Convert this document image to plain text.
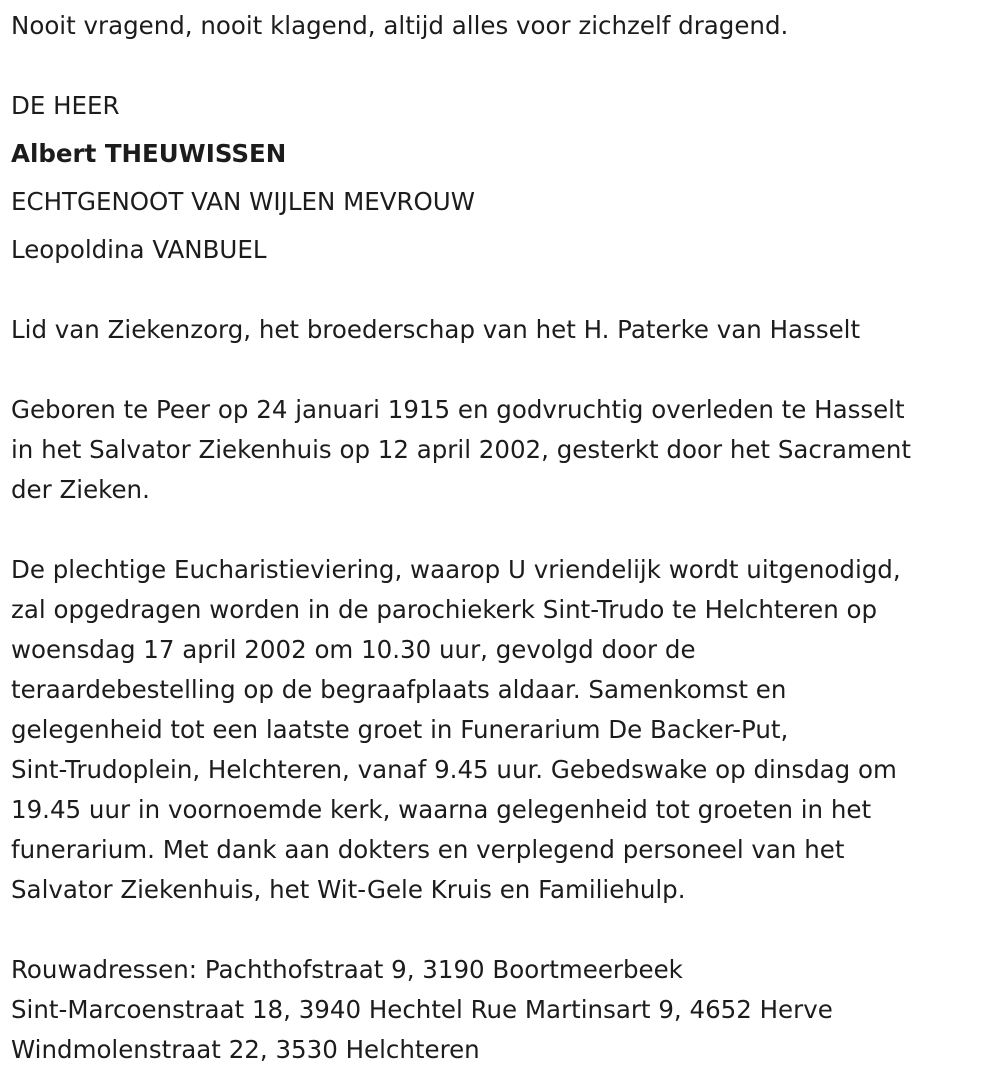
Nooit vragend, nooit klagend, altijd alles voor zichzelf dragend.
DE HEER
Albert THEUWISSEN
ECHTGENOOT VAN WIJLEN MEVROUW
Leopoldina VANBUEL
Lid van Ziekenzorg, het broederschap van het H. Paterke van Hasselt
Geboren te Peer op 24 januari 1915 en godvruchtig overleden te Hasselt
in het Salvator Ziekenhuis op 12 april 2002, gesterkt door het Sacrament
der Zieken.
De plechtige Eucharistieviering, waarop U vriendelijk wordt uitgenodigd,
zal opgedragen worden in de parochiekerk Sint-Trudo te Helchteren op
woensdag 17 april 2002 om 10.30 uur, gevolgd door de
teraardebestelling op de begraafplaats aldaar. Samenkomst en
gelegenheid tot een laatste groet in Funerarium De Backer-Put,
Sint-Trudoplein, Helchteren, vanaf 9.45 uur. Gebedswake op dinsdag om
19.45 uur in voornoemde kerk, waarna gelegenheid tot groeten in het
funerarium. Met dank aan dokters en verplegend personeel van het
Salvator Ziekenhuis, het Wit-Gele Kruis en Familiehulp.
Rouwadressen: Pachthofstraat 9, 3190 Boortmeerbeek
Sint-Marcoenstraat 18, 3940 Hechtel Rue Martinsart 9, 4652 Herve
Windmolenstraat 22, 3530 Helchteren
